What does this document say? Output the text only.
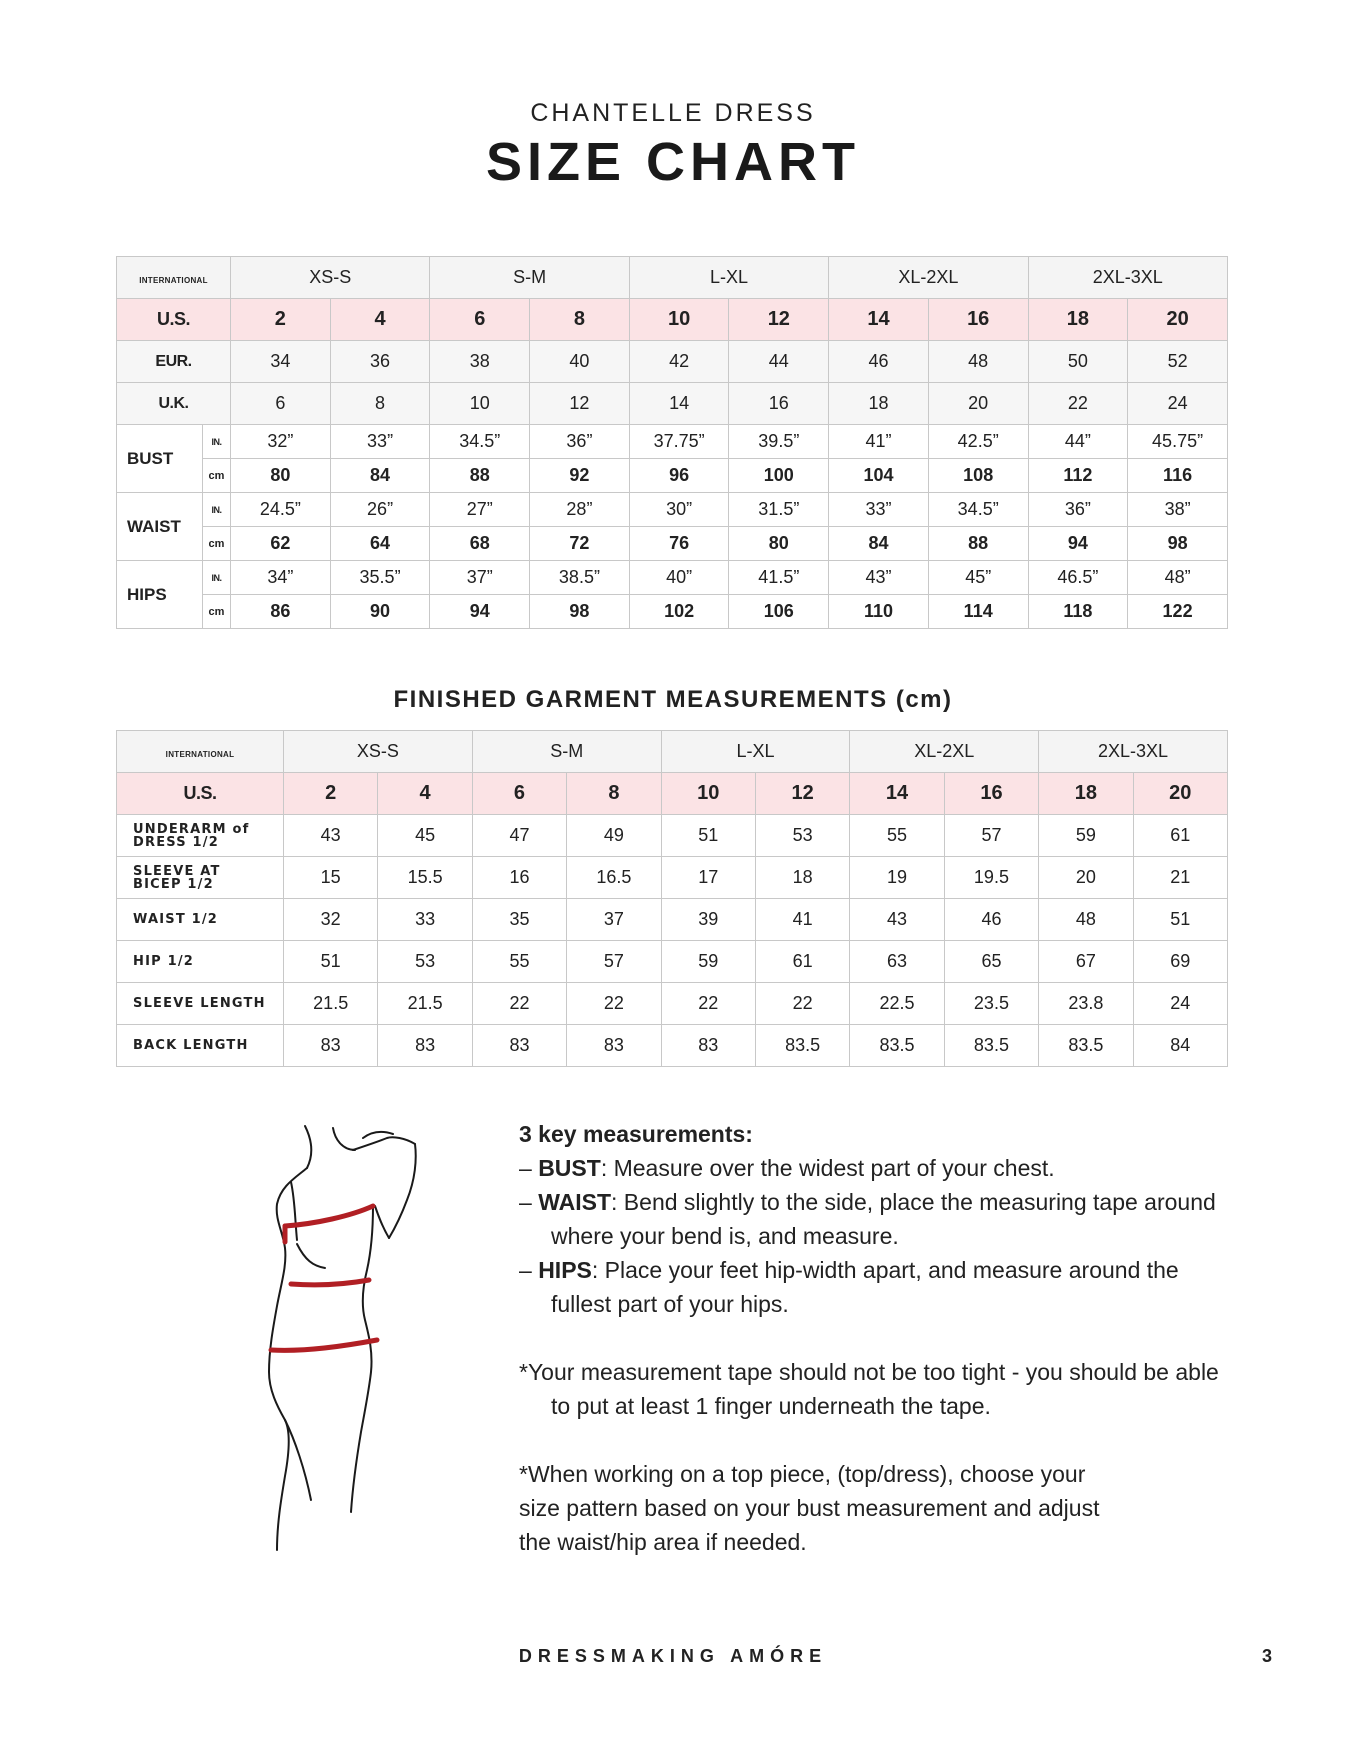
CHANTELLE DRESS
SIZE CHART
INTERNATIONAL		XS-S		S-M		L-XL		XL-2XL		2XL-3XL	
U.S.		2	4	6	8	10	12	14	16	18	20
EUR.		34	36	38	40	42	44	46	48	50	52
U.K.		6	8	10	12	14	16	18	20	22	24
BUST	IN.	32”	33”	34.5”	36”	37.75”	39.5”	41”	42.5”	44”	45.75”
	cm	80	84	88	92	96	100	104	108	112	116
WAIST	IN.	24.5”	26”	27”	28”	30”	31.5”	33”	34.5”	36”	38”
	cm	62	64	68	72	76	80	84	88	94	98
HIPS	IN.	34”	35.5”	37”	38.5”	40”	41.5”	43”	45”	46.5”	48”
	cm	86	90	94	98	102	106	110	114	118	122
FINISHED GARMENT MEASUREMENTS (cm)
INTERNATIONAL	XS-S		S-M		L-XL		XL-2XL		2XL-3XL	
U.S.	2	4	6	8	10	12	14	16	18	20

UNDERARM of
DRESS 1/2	43	45	47	49	51	53	55	57	59	61

SLEEVE AT
BICEP 1/2	15	15.5	16	16.5	17	18	19	19.5	20	21

WAIST 1/2	32	33	35	37	39	41	43	46	48	51

HIP 1/2	51	53	55	57	59	61	63	65	67	69

SLEEVE LENGTH	21.5	21.5	22	22	22	22	22.5	23.5	23.8	24

BACK LENGTH	83	83	83	83	83	83.5	83.5	83.5	83.5	84
3 key measurements:
– BUST: Measure over the widest part of your chest.
– WAIST: Bend slightly to the side, place the measuring tape around where your bend is, and measure.
– HIPS: Place your feet hip-width apart, and measure around the fullest part of your hips.
*Your measurement tape should not be too tight - you should be able to put at least 1 finger underneath the tape.
*When working on a top piece, (top/dress), choose your size pattern based on your bust measurement and adjust the waist/hip area if needed.
DRESSMAKING AMÓRE	3
